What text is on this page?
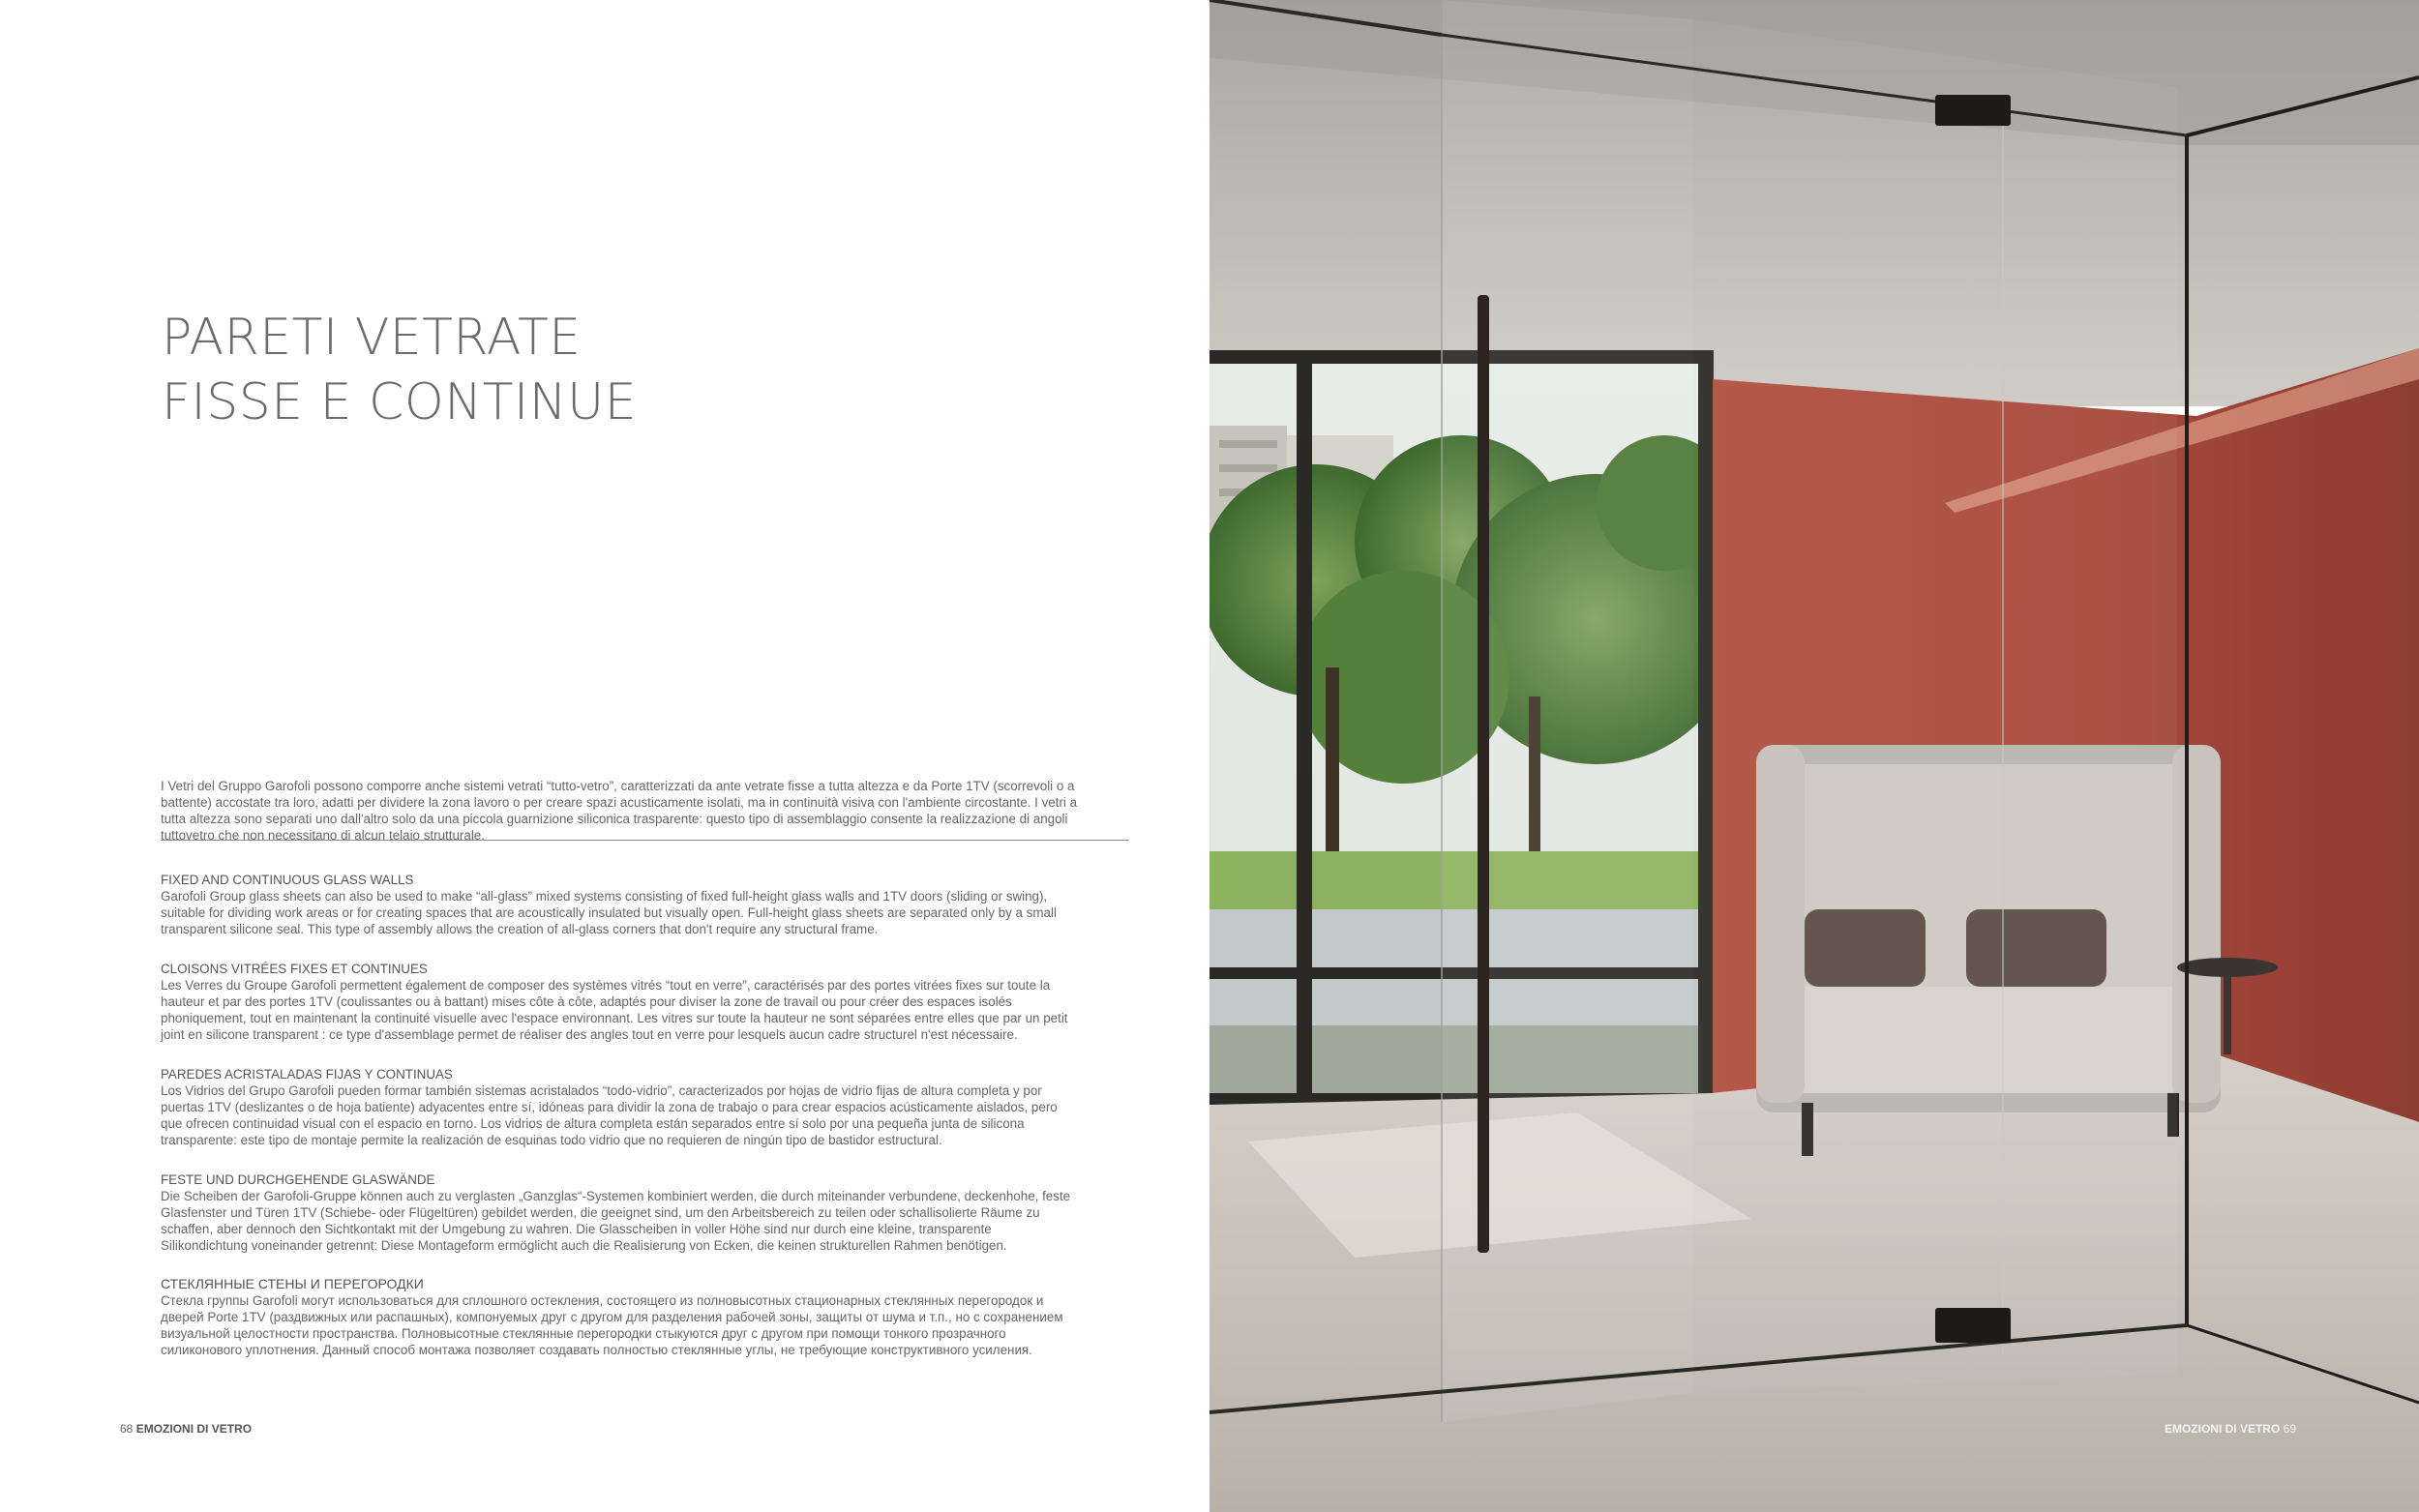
PARETI VETRATE
FISSE E CONTINUE

I Vetri del Gruppo Garofoli possono comporre anche sistemi vetrati “tutto-vetro”, caratterizzati da ante vetrate fisse a tutta altezza e da Porte 1TV (scorrevoli o a battente) accostate tra loro, adatti per dividere la zona lavoro o per creare spazi acusticamente isolati, ma in continuità visiva con l'ambiente circostante. I vetri a tutta altezza sono separati uno dall'altro solo da una piccola guarnizione siliconica trasparente: questo tipo di assemblaggio consente la realizzazione di angoli tuttovetro che non necessitano di alcun telaio strutturale.

FIXED AND CONTINUOUS GLASS WALLS

Garofoli Group glass sheets can also be used to make “all-glass” mixed systems consisting of fixed full-height glass walls and 1TV doors (sliding or swing), suitable for dividing work areas or for creating spaces that are acoustically insulated but visually open. Full-height glass sheets are separated only by a small transparent silicone seal. This type of assembly allows the creation of all-glass corners that don't require any structural frame.

CLOISONS VITRÉES FIXES ET CONTINUES

Les Verres du Groupe Garofoli permettent également de composer des systèmes vitrés “tout en verre”, caractérisés par des portes vitrées fixes sur toute la hauteur et par des portes 1TV (coulissantes ou à battant) mises côte à côte, adaptés pour diviser la zone de travail ou pour créer des espaces isolés phoniquement, tout en maintenant la continuité visuelle avec l'espace environnant. Les vitres sur toute la hauteur ne sont séparées entre elles que par un petit joint en silicone transparent : ce type d'assemblage permet de réaliser des angles tout en verre pour lesquels aucun cadre structurel n'est nécessaire.

PAREDES ACRISTALADAS FIJAS Y CONTINUAS

Los Vidrios del Grupo Garofoli pueden formar también sistemas acristalados “todo-vidrio”, caracterizados por hojas de vidrio fijas de altura completa y por puertas 1TV (deslizantes o de hoja batiente) adyacentes entre sí, idóneas para dividir la zona de trabajo o para crear espacios acústicamente aislados, pero que ofrecen continuidad visual con el espacio en torno. Los vidrios de altura completa están separados entre sí solo por una pequeña junta de silicona transparente: este tipo de montaje permite la realización de esquinas todo vidrio que no requieren de ningún tipo de bastidor estructural.

FESTE UND DURCHGEHENDE GLASWÄNDE

Die Scheiben der Garofoli-Gruppe können auch zu verglasten „Ganzglas“-Systemen kombiniert werden, die durch miteinander verbundene, deckenhohe, feste Glasfenster und Türen 1TV (Schiebe- oder Flügeltüren) gebildet werden, die geeignet sind, um den Arbeitsbereich zu teilen oder schallisolierte Räume zu schaffen, aber dennoch den Sichtkontakt mit der Umgebung zu wahren. Die Glasscheiben in voller Höhe sind nur durch eine kleine, transparente Silikondichtung voneinander getrennt: Diese Montageform ermöglicht auch die Realisierung von Ecken, die keinen strukturellen Rahmen benötigen.

СТЕКЛЯННЫЕ СТЕНЫ И ПЕРЕГОРОДКИ

Стекла группы Garofoli могут использоваться для сплошного остекления, состоящего из полновысотных стационарных стеклянных перегородок и дверей Porte 1TV (раздвижных или распашных), компонуемых друг с другом для разделения рабочей зоны, защиты от шума и т.п., но с сохранением визуальной целостности пространства. Полновысотные стеклянные перегородки стыкуются друг с другом при помощи тонкого прозрачного силиконового уплотнения. Данный способ монтажа позволяет создавать полностью стеклянные углы, не требующие конструктивного усиления.

68 EMOZIONI DI VETRO	EMOZIONI DI VETRO 69
